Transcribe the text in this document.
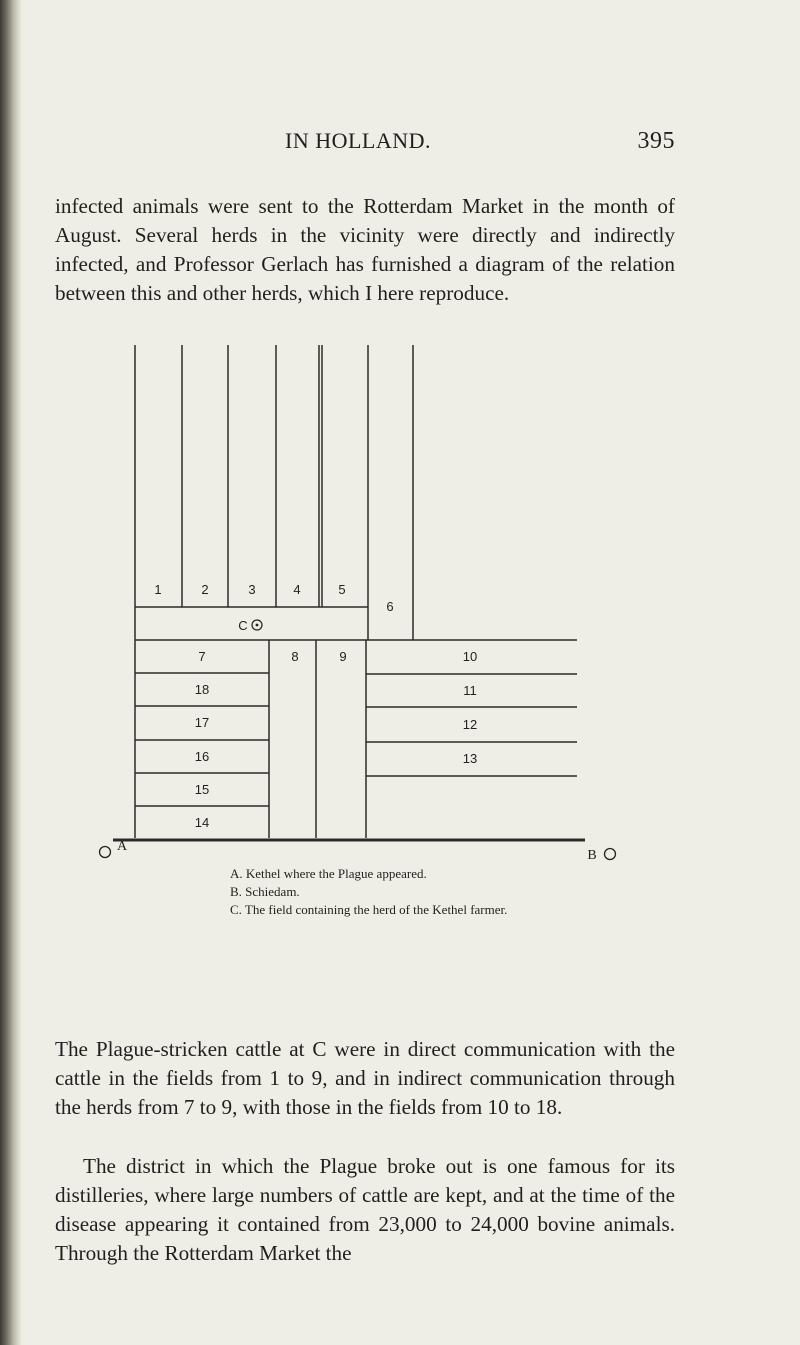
IN HOLLAND.	395
infected animals were sent to the Rotterdam Market in the month of August. Several herds in the vicinity were directly and indirectly infected, and Professor Gerlach has furnished a diagram of the relation between this and other herds, which I here reproduce.
1	2	3	4	5
C
6
7
18
17
16
15
14
8	9	10
11
12
13
A
B
A. Kethel where the Plague appeared.
B. Schiedam.
C. The field containing the herd of the Kethel farmer.
The Plague-stricken cattle at C were in direct communication with the cattle in the fields from 1 to 9, and in indirect communication through the herds from 7 to 9, with those in the fields from 10 to 18.
The district in which the Plague broke out is one famous for its distilleries, where large numbers of cattle are kept, and at the time of the disease appearing it contained from 23,000 to 24,000 bovine animals. Through the Rotterdam Market the
